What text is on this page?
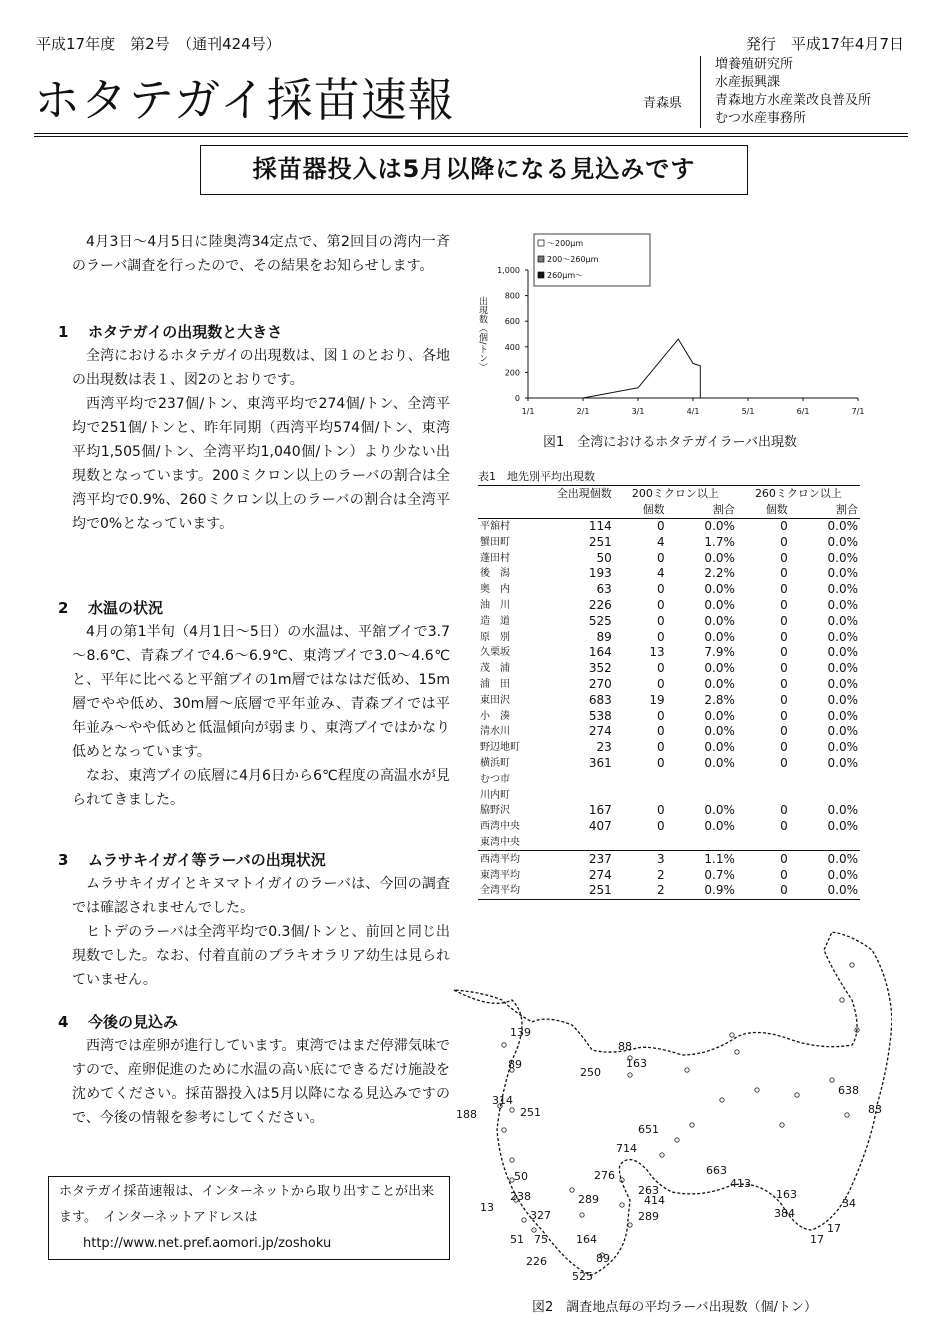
平成17年度　第2号　（通刊424号）	発行　平成17年4月7日
ホタテガイ採苗速報	青森県
増養殖研究所
水産振興課
青森地方水産業改良普及所
むつ水産事務所
採苗器投入は5月以降になる見込みです

4月3日～4月5日に陸奥湾34定点で、第2回目の湾内一斉のラーバ調査を行ったので、その結果をお知らせします。

1 ホタテガイの出現数と大きさ

全湾におけるホタテガイの出現数は、図１のとおり、各地の出現数は表１、図2のとおりです。

西湾平均で237個/トン、東湾平均で274個/トン、全湾平均で251個/トンと、昨年同期（西湾平均574個/トン、東湾平均1,505個/トン、全湾平均1,040個/トン）より少ない出現数となっています。200ミクロン以上のラーバの割合は全湾平均で0.9%、260ミクロン以上のラーバの割合は全湾平均で0%となっています。

2 水温の状況

4月の第1半旬（4月1日～5日）の水温は、平舘ブイで3.7～8.6℃、青森ブイで4.6～6.9℃、東湾ブイで3.0～4.6℃と、平年に比べると平舘ブイの1m層ではなはだ低め、15m層でやや低め、30m層～底層で平年並み、青森ブイでは平年並み～やや低めと低温傾向が弱まり、東湾ブイではかなり低めとなっています。

なお、東湾ブイの底層に4月6日から6℃程度の高温水が見られてきました。

3 ムラサキイガイ等ラーバの出現状況

ムラサキイガイとキヌマトイガイのラーバは、今回の調査では確認されませんでした。

ヒトデのラーバは全湾平均で0.3個/トンと、前回と同じ出現数でした。なお、付着直前のブラキオラリア幼生は見られていません。

4 今後の見込み

西湾では産卵が進行しています。東湾ではまだ停滞気味ですので、産卵促進のために水温の高い底にできるだけ施設を沈めてください。採苗器投入は5月以降になる見込みですので、今後の情報を参考にしてください。

ホタテガイ採苗速報は、インターネットから取り出すことが出来ます。　インターネットアドレスは
http://www.net.pref.aomori.jp/zoshoku
0
200
400
600
800
1,000
1/1	2/1	3/1	4/1	5/1	6/1	7/1
出現数（個/トン）
～200μm
200～260μm
260μm～
図1　全湾におけるホタテガイラーバ出現数
表1　地先別平均出現数
	全出現個数	200ミクロン以上		260ミクロン以上	
		個数	割合	個数	割合
平舘村	114	0	0.0%	0	0.0%
蟹田町	251	4	1.7%	0	0.0%
蓬田村	50	0	0.0%	0	0.0%
後　潟	193	4	2.2%	0	0.0%
奥　内	63	0	0.0%	0	0.0%
油　川	226	0	0.0%	0	0.0%
造　道	525	0	0.0%	0	0.0%
原　別	89	0	0.0%	0	0.0%
久栗坂	164	13	7.9%	0	0.0%
茂　浦	352	0	0.0%	0	0.0%
浦　田	270	0	0.0%	0	0.0%
東田沢	683	19	2.8%	0	0.0%
小　湊	538	0	0.0%	0	0.0%
清水川	274	0	0.0%	0	0.0%
野辺地町	23	0	0.0%	0	0.0%
横浜町	361	0	0.0%	0	0.0%
むつ市					
川内町					
脇野沢	167	0	0.0%	0	0.0%
西湾中央	407	0	0.0%	0	0.0%
東湾中央					
西湾平均	237	3	1.1%	0	0.0%
東湾平均	274	2	0.7%	0	0.0%
全湾平均	251	2	0.9%	0	0.0%
139
89
88
163
250
638
83
314
251
188
651
714
663
413
276
263
414
289
50
238
327
13
289	163
384
34
17
17
51 75	164
226	89
525
図2　調査地点毎の平均ラーバ出現数（個/トン）
